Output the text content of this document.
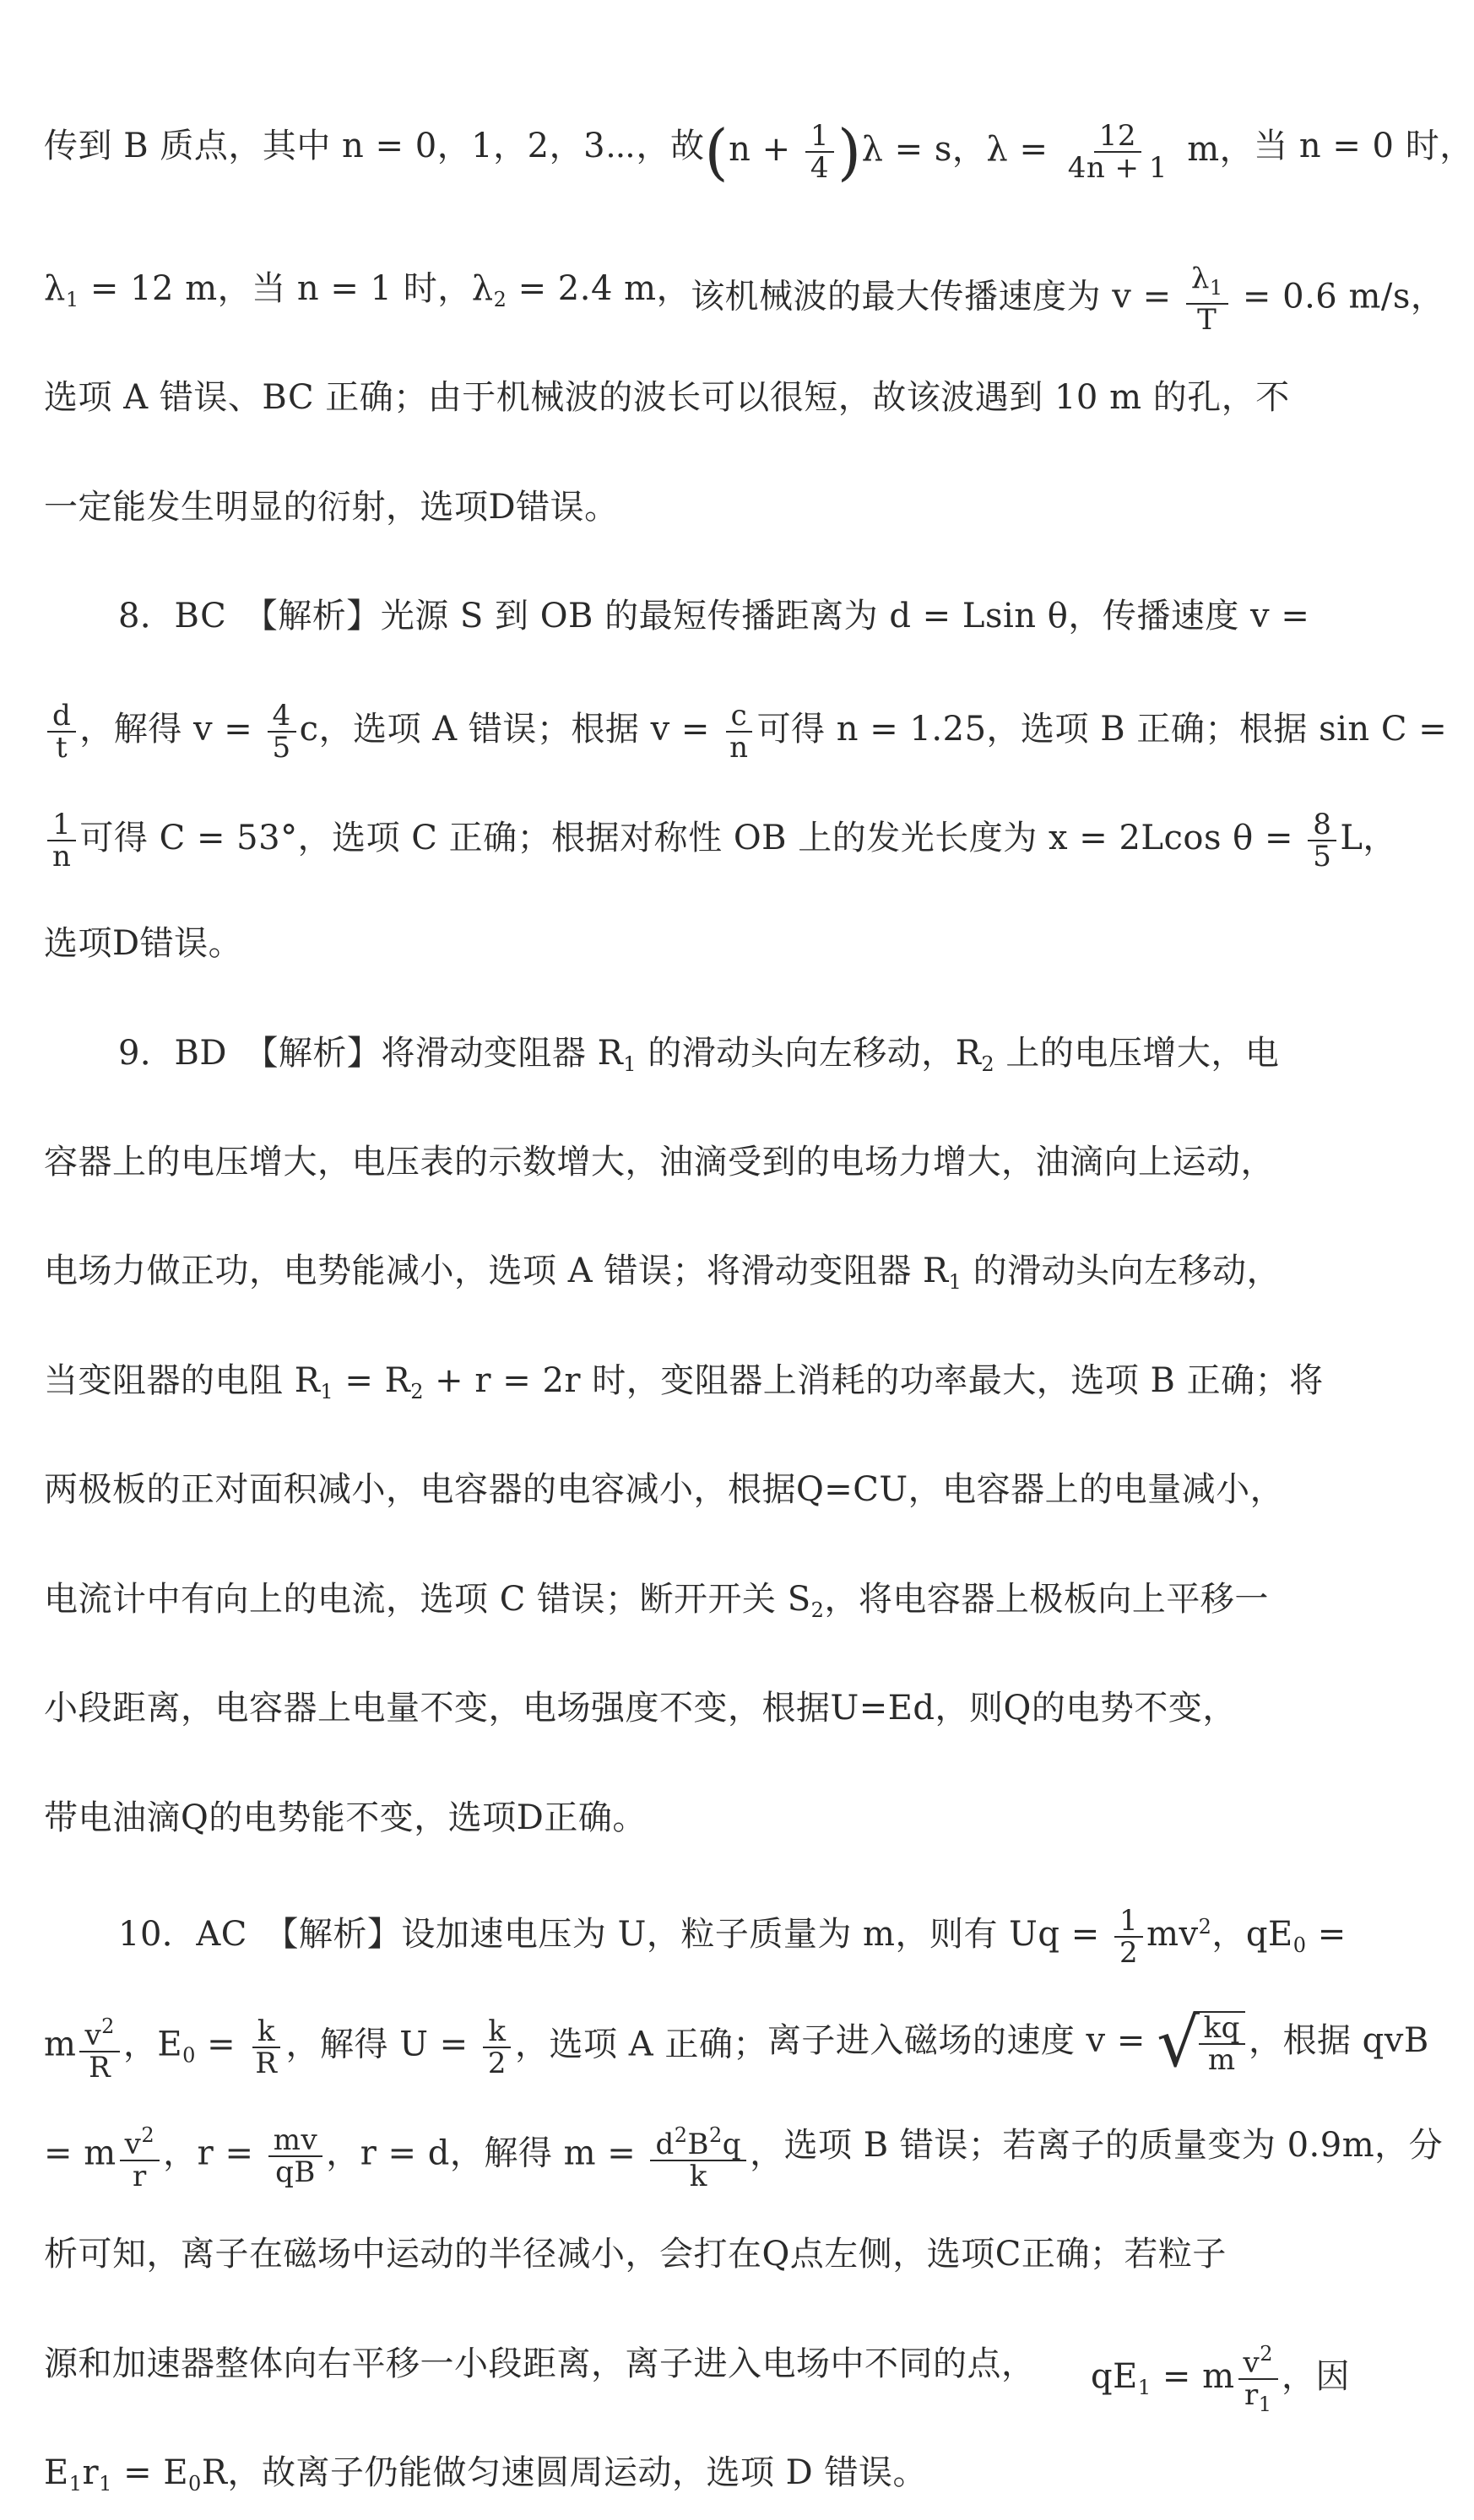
传到 B 质点，其中 n = 0，1，2，3⋯，故 $(n + \frac{1}{4} )\lambda = s$， $\lambda = \frac{12}{4n + 1}$ m， 当 n = 0 时，
$\lambda_1 = 12$ m，当 n = 1 时，$\lambda_2 = 2.4$ m， 该机械波的最大传播速度为 $v = \frac{\lambda_1}{T} = 0.6$ m/s，
选项 A 错误、BC 正确；由于机械波的波长可以很短，故该波遇到 10 m 的孔，不
一定能发生明显的衍射，选项D错误。
8．BC　【解析】光源 S 到 OB 的最短传播距离为 d = Lsin θ，传播速度 v =
$\frac{d}{t}$ ，解得 $v = \frac{4}{5}$ c，选项 A 错误； 根据 $v = \frac{c}{n}$ 可得 n = 1.25，选项 B 正确；根据 sin C =
$\frac{1}{n}$ 可得 C = 53°，选项 C 正确； 根据对称性 OB 上的发光长度为 x = 2Lcos $\theta = \frac{8}{5}$ L，
选项D错误。
9．BD　【解析】将滑动变阻器 $R_1$ 的滑动头向左移动，$R_2$ 上的电压增大，电
容器上的电压增大，电压表的示数增大，油滴受到的电场力增大，油滴向上运动，
电场力做正功，电势能减小，选项 A 错误；将滑动变阻器 $R_1$ 的滑动头向左移动，
当变阻器的电阻 $R_1 = R_2 + r = 2r$ 时，变阻器上消耗的功率最大，选项 B 正确；将
两极板的正对面积减小，电容器的电容减小，根据Q=CU，电容器上的电量减小，
电流计中有向上的电流，选项 C 错误；断开开关 $S_2$，将电容器上极板向上平移一
小段距离，电容器上电量不变，电场强度不变，根据U=Ed，则Q的电势不变，
带电油滴Q的电势能不变，选项D正确。
10．AC　【解析】设加速电压为 U，粒子质量为 m，则有 $Uq = \frac{1}{2} mv^2$，$qE_0$ =
m $\frac{v^2}{R}$ ，$E_0 = \frac{k}{R}$ ，解得 $U = \frac{k}{2}$ ，选项 A 正确； 离子进入磁场的速度 v = √
$\frac{kq}{m}$ ，根据 qvB
= m $\frac{v^2}{r}$ ，$r = \frac{mv}{qB}$ ，r = d，解得 $m = \frac{d^2B^2q}{k}$ ， 选项 B 错误；若离子的质量变为 0.9m，分
析可知，离子在磁场中运动的半径减小，会打在Q点左侧，选项C正确；若粒子
源和加速器整体向右平移一小段距离，离子进入电场中不同的点， $qE_1 = m \frac{v^2}{r_1}$ ，因
$E_1r_1 = E_0R$，故离子仍能做匀速圆周运动，选项 D 错误。
